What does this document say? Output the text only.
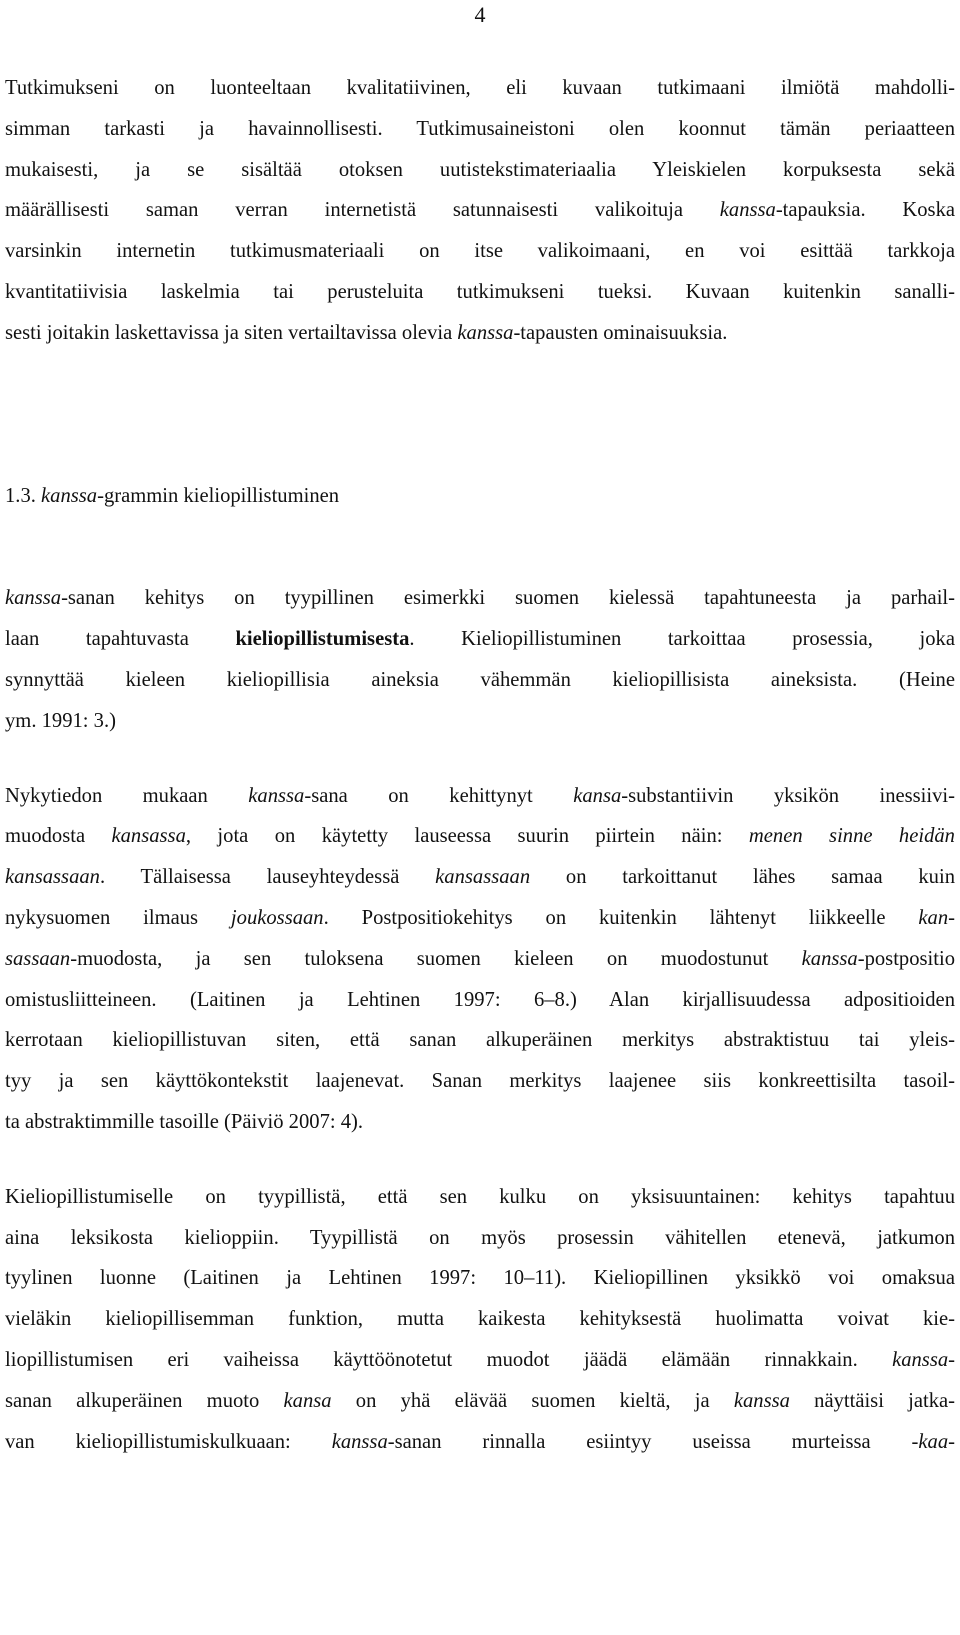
4
Tutkimukseni on luonteeltaan kvalitatiivinen, eli kuvaan tutkimaani ilmiötä mahdolli-
simman tarkasti ja havainnollisesti. Tutkimusaineistoni olen koonnut tämän periaatteen
mukaisesti, ja se sisältää otoksen uutistekstimateriaalia Yleiskielen korpuksesta sekä
määrällisesti saman verran internetistä satunnaisesti valikoituja kanssa-tapauksia. Koska
varsinkin internetin tutkimusmateriaali on itse valikoimaani, en voi esittää tarkkoja
kvantitatiivisia laskelmia tai perusteluita tutkimukseni tueksi. Kuvaan kuitenkin sanalli-
sesti joitakin laskettavissa ja siten vertailtavissa olevia kanssa-tapausten ominaisuuksia.
1.3. kanssa-grammin kieliopillistuminen
kanssa-sanan kehitys on tyypillinen esimerkki suomen kielessä tapahtuneesta ja parhail-
laan tapahtuvasta kieliopillistumisesta. Kieliopillistuminen tarkoittaa prosessia, joka
synnyttää kieleen kieliopillisia aineksia vähemmän kieliopillisista aineksista. (Heine
ym. 1991: 3.)
Nykytiedon mukaan kanssa-sana on kehittynyt kansa-substantiivin yksikön inessiivi-
muodosta kansassa, jota on käytetty lauseessa suurin piirtein näin: menen sinne heidän
kansassaan. Tällaisessa lauseyhteydessä kansassaan on tarkoittanut lähes samaa kuin
nykysuomen ilmaus joukossaan. Postpositiokehitys on kuitenkin lähtenyt liikkeelle kan-
sassaan-muodosta, ja sen tuloksena suomen kieleen on muodostunut kanssa-postpositio
omistusliitteineen. (Laitinen ja Lehtinen 1997: 6–8.) Alan kirjallisuudessa adpositioiden
kerrotaan kieliopillistuvan siten, että sanan alkuperäinen merkitys abstraktistuu tai yleis-
tyy ja sen käyttökontekstit laajenevat. Sanan merkitys laajenee siis konkreettisilta tasoil-
ta abstraktimmille tasoille (Päiviö 2007: 4).
Kieliopillistumiselle on tyypillistä, että sen kulku on yksisuuntainen: kehitys tapahtuu
aina leksikosta kielioppiin. Tyypillistä on myös prosessin vähitellen etenevä, jatkumon
tyylinen luonne (Laitinen ja Lehtinen 1997: 10–11). Kieliopillinen yksikkö voi omaksua
vieläkin kieliopillisemman funktion, mutta kaikesta kehityksestä huolimatta voivat kie-
liopillistumisen eri vaiheissa käyttöönotetut muodot jäädä elämään rinnakkain. kanssa-
sanan alkuperäinen muoto kansa on yhä elävää suomen kieltä, ja kanssa näyttäisi jatka-
van kieliopillistumiskulkuaan: kanssa-sanan rinnalla esiintyy useissa murteissa -kaa-
